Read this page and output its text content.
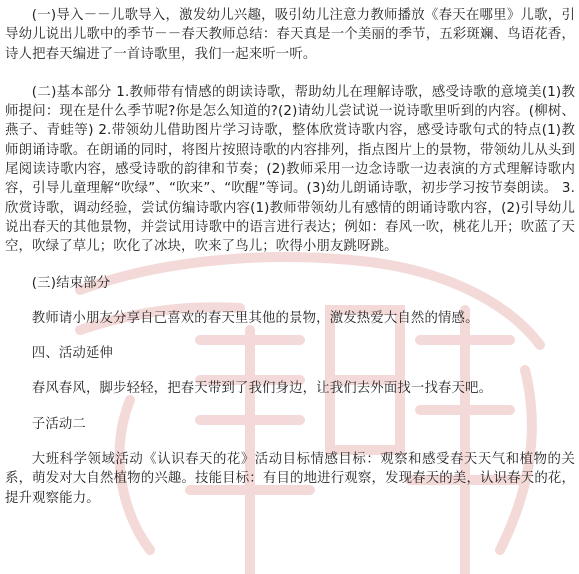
(一)导入－－儿歌导入，激发幼儿兴趣，吸引幼儿注意力教师播放《春天在哪里》儿歌，引导幼儿说出儿歌中的季节－－春天教师总结：春天真是一个美丽的季节，五彩斑斓、鸟语花香，诗人把春天编进了一首诗歌里，我们一起来听一听。

(二)基本部分 1.教师带有情感的朗读诗歌，帮助幼儿在理解诗歌，感受诗歌的意境美(1)教师提问：现在是什么季节呢?你是怎么知道的?(2)请幼儿尝试说一说诗歌里听到的内容。(柳树、燕子、青蛙等) 2.带领幼儿借助图片学习诗歌，整体欣赏诗歌内容，感受诗歌句式的特点(1)教师朗诵诗歌。在朗诵的同时，将图片按照诗歌的内容排列，指点图片上的景物，带领幼儿从头到尾阅读诗歌内容，感受诗歌的韵律和节奏；(2)教师采用一边念诗歌一边表演的方式理解诗歌内容，引导儿童理解“吹绿”、“吹来”、“吹醒”等词。(3)幼儿朗诵诗歌，初步学习按节奏朗读。 3.欣赏诗歌，调动经验，尝试仿编诗歌内容(1)教师带领幼儿有感情的朗诵诗歌内容，(2)引导幼儿说出春天的其他景物，并尝试用诗歌中的语言进行表达；例如：春风一吹，桃花儿开；吹蓝了天空，吹绿了草儿；吹化了冰块，吹来了鸟儿；吹得小朋友跳呀跳。

(三)结束部分

教师请小朋友分享自己喜欢的春天里其他的景物，激发热爱大自然的情感。

四、活动延伸

春风春风，脚步轻轻，把春天带到了我们身边，让我们去外面找一找春天吧。

子活动二

大班科学领域活动《认识春天的花》活动目标情感目标：观察和感受春天天气和植物的关系，萌发对大自然植物的兴趣。技能目标：有目的地进行观察，发现春天的美，认识春天的花，提升观察能力。
